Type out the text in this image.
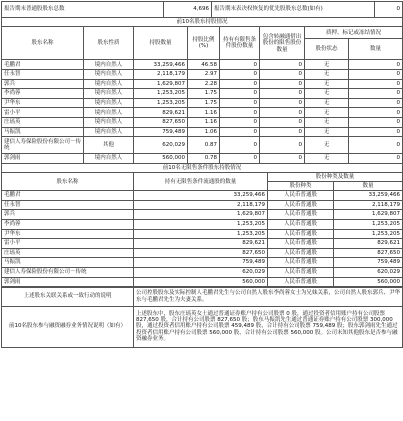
报告期末普通股股东总数	4,696	报告期末表决权恢复的优先股股东总数(如有)	0
前10名股东持股情况							
股东名称	股东性质	持股数量	持股比例(%)	持有有限售条件股份数量	包含转融通借出股份的限售股份数量	质押、标记或冻结情况	
						股份状态	数量
毛鹏君	境内自然人	33,259,466	46.58	0	0	无	0
任永智	境内自然人	2,118,179	2.97	0	0	无	0
郭兵	境内自然人	1,629,807	2.28	0	0	无	0
李尚蓉	境内自然人	1,253,205	1.75	0	0	无	0
尹华东	境内自然人	1,253,205	1.75	0	0	无	0
雷小平	境内自然人	829,621	1.16	0	0	无	0
庄瑶英	境内自然人	827,650	1.16	0	0	无	0
马振凯	境内自然人	759,489	1.06	0	0	无	0
建信人寿保险股份有限公司－传统	其他	620,029	0.87	0	0	无	0
郭剑雨	境内自然人	560,000	0.78	0	0	无	0
前10名无限售条件股东持股情况			
股东名称	持有无限售条件流通股的数量	股份种类及数量	
		股份种类	数量
毛鹏君	33,259,466	人民币普通股	33,259,466
任永智	2,118,179	人民币普通股	2,118,179
郭兵	1,629,807	人民币普通股	1,629,807
李尚蓉	1,253,205	人民币普通股	1,253,205
尹华东	1,253,205	人民币普通股	1,253,205
雷小平	829,621	人民币普通股	829,621
庄瑶英	827,650	人民币普通股	827,650
马振凯	759,489	人民币普通股	759,489
建信人寿保险股份有限公司－传统	620,029	人民币普通股	620,029
郭剑雨	560,000	人民币普通股	560,000
上述股东关联关系或一致行动的说明	公司控股股东及实际控制人毛鹏君先生与公司自然人股东李尚蓉女士为兄妹关系，公司自然人股东郭兵、尹华东与毛鹏君先生为夫妻关系。
前10名股东参与融资融券业务情况说明（如有）	上述股东中，股东庄瑶英女士通过普通证券账户持有公司股票 0 股，通过投资者信用账户持有公司股票 827,650 股，合计持有公司股票 827,650 股；股东马振凯先生通过普通证券账户持有公司股票 300,000 股，通过投资者信用账户持有公司股票 459,489 股，合计持有公司股票 759,489 股；股东郭剑雨先生通过投资者信用账户持有公司股票 560,000 股，合计持有公司股票 560,000 股。公司未知其他股东是否参与融资融券业务。
